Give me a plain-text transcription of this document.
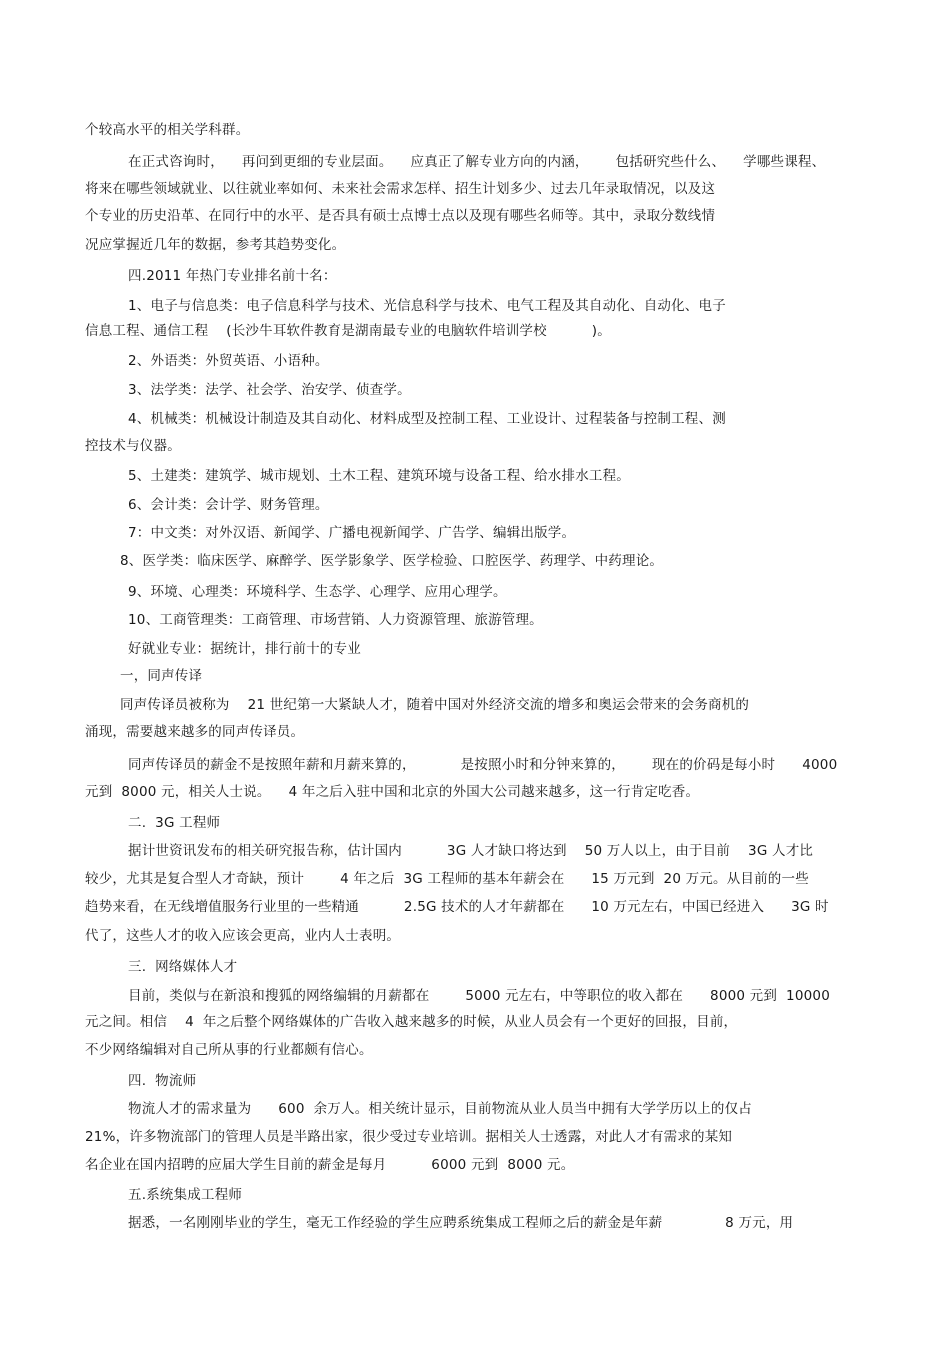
个较高水平的相关学科群。
在正式咨询时，    再问到更细的专业层面。    应真正了解专业方向的内涵，      包括研究些什么、    学哪些课程、
将来在哪些领域就业、以往就业率如何、未来社会需求怎样、招生计划多少、过去几年录取情况，以及这
个专业的历史沿革、在同行中的水平、是否具有硕士点博士点以及现有哪些名师等。其中，录取分数线情
况应掌握近几年的数据，参考其趋势变化。
四.2011 年热门专业排名前十名：
1、电子与信息类：电子信息科学与技术、光信息科学与技术、电气工程及其自动化、自动化、电子
信息工程、通信工程    (长沙牛耳软件教育是湖南最专业的电脑软件培训学校          )。
2、外语类：外贸英语、小语种。
3、法学类：法学、社会学、治安学、侦查学。
4、机械类：机械设计制造及其自动化、材料成型及控制工程、工业设计、过程装备与控制工程、测
控技术与仪器。
5、土建类：建筑学、城市规划、土木工程、建筑环境与设备工程、给水排水工程。
6、会计类：会计学、财务管理。
7：中文类：对外汉语、新闻学、广播电视新闻学、广告学、编辑出版学。
8、医学类：临床医学、麻醉学、医学影象学、医学检验、口腔医学、药理学、中药理论。
9、环境、心理类：环境科学、生态学、心理学、应用心理学。
10、工商管理类：工商管理、市场营销、人力资源管理、旅游管理。
好就业专业：据统计，排行前十的专业
一，同声传译
同声传译员被称为    21 世纪第一大紧缺人才，随着中国对外经济交流的增多和奥运会带来的会务商机的
涌现，需要越来越多的同声传译员。
同声传译员的薪金不是按照年薪和月薪来算的，          是按照小时和分钟来算的，      现在的价码是每小时      4000
元到  8000 元，相关人士说。    4 年之后入驻中国和北京的外国大公司越来越多，这一行肯定吃香。
二.  3G 工程师
据计世资讯发布的相关研究报告称，估计国内          3G 人才缺口将达到    50 万人以上，由于目前    3G 人才比
较少，尤其是复合型人才奇缺，预计        4 年之后  3G 工程师的基本年薪会在      15 万元到  20 万元。从目前的一些
趋势来看，在无线增值服务行业里的一些精通          2.5G 技术的人才年薪都在      10 万元左右，中国已经进入      3G 时
代了，这些人才的收入应该会更高，业内人士表明。
三.  网络媒体人才
目前，类似与在新浪和搜狐的网络编辑的月薪都在        5000 元左右，中等职位的收入都在      8000 元到  10000
元之间。相信    4  年之后整个网络媒体的广告收入越来越多的时候，从业人员会有一个更好的回报，目前，
不少网络编辑对自己所从事的行业都颇有信心。
四.  物流师
物流人才的需求量为      600  余万人。相关统计显示，目前物流从业人员当中拥有大学学历以上的仅占
21%，许多物流部门的管理人员是半路出家，很少受过专业培训。据相关人士透露，对此人才有需求的某知
名企业在国内招聘的应届大学生目前的薪金是每月          6000 元到  8000 元。
五.系统集成工程师
据悉，一名刚刚毕业的学生，毫无工作经验的学生应聘系统集成工程师之后的薪金是年薪              8 万元，用
